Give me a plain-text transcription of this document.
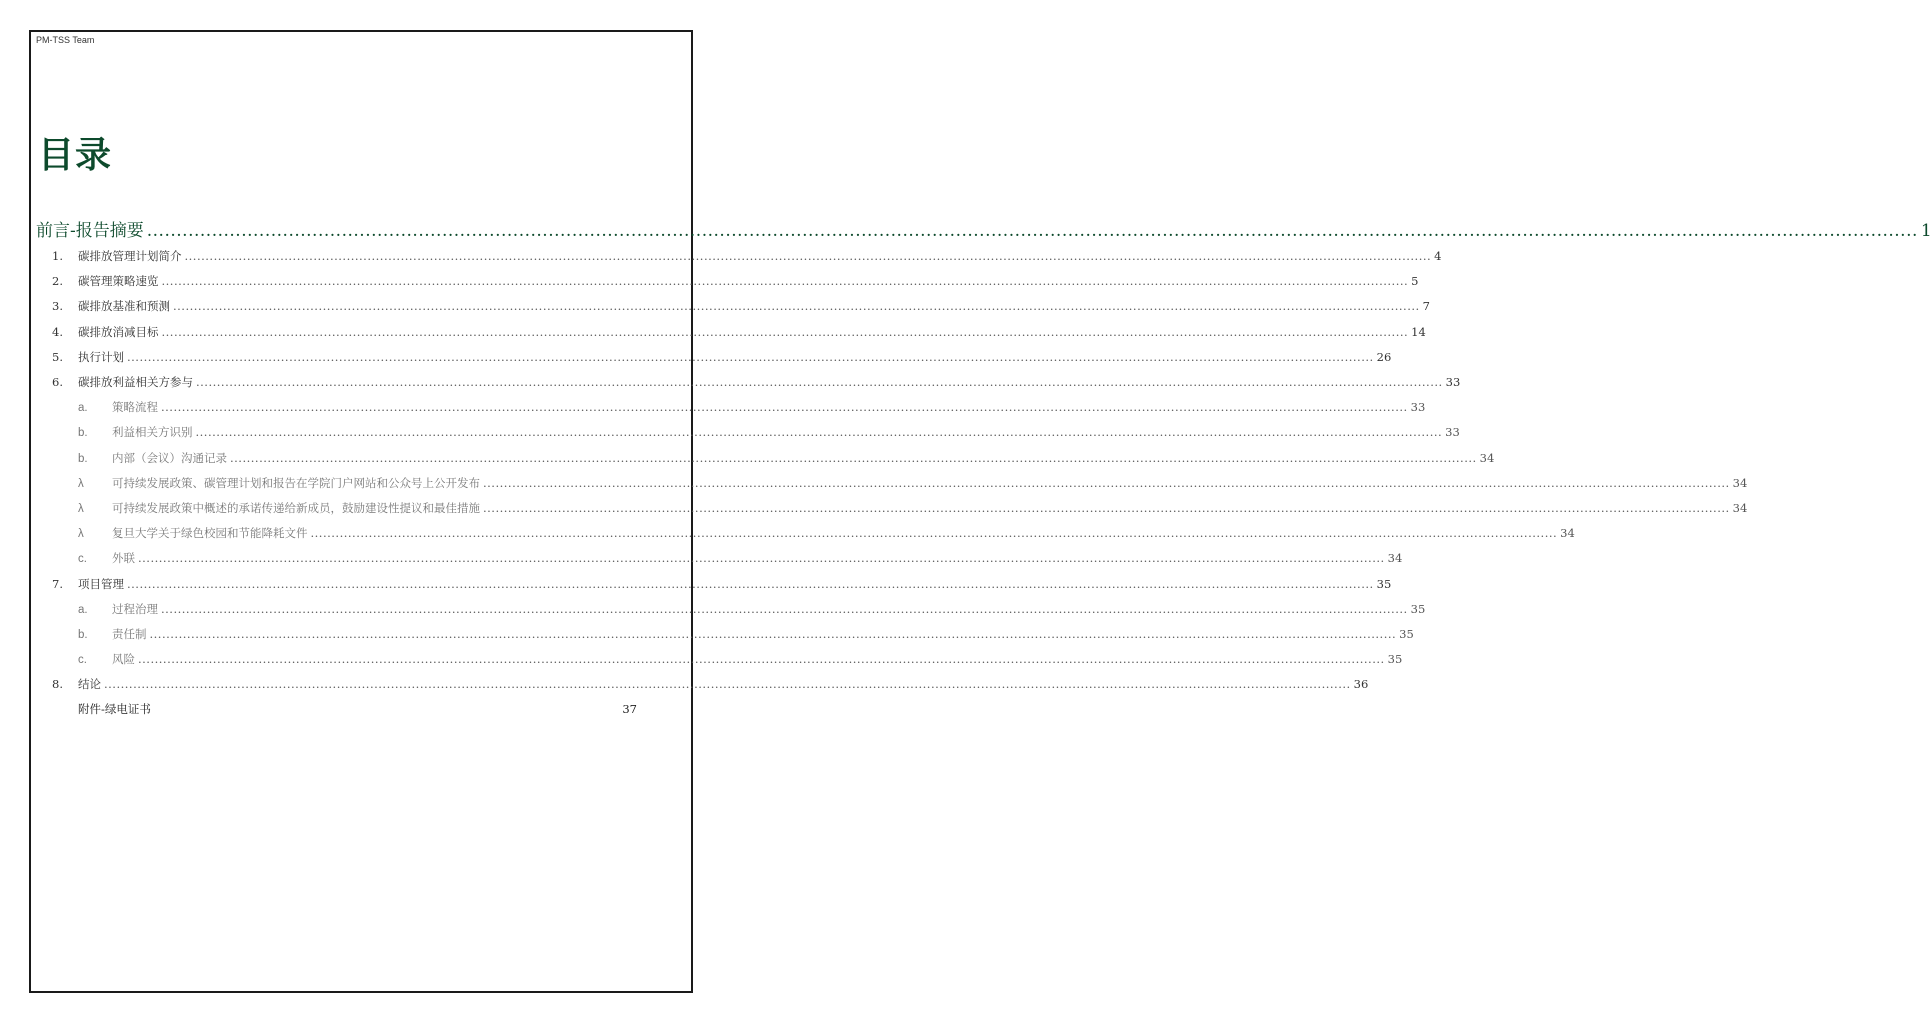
PM-TSS Team
目录
前言-报告摘要 ............................................................................................................................................................................................................................................................................................................ 1
1.	碳排放管理计划简介 ............................................................................................................................................................................................................................................................................................................ 4
2.	碳管理策略速览 ............................................................................................................................................................................................................................................................................................................ 5
3.	碳排放基准和预测 ............................................................................................................................................................................................................................................................................................................ 7
4.	碳排放消减目标 ............................................................................................................................................................................................................................................................................................................ 14
5.	执行计划 ............................................................................................................................................................................................................................................................................................................ 26
6.	碳排放利益相关方参与 ............................................................................................................................................................................................................................................................................................................ 33
a.	策略流程 ............................................................................................................................................................................................................................................................................................................ 33
b.	利益相关方识别 ............................................................................................................................................................................................................................................................................................................ 33
b.	内部（会议）沟通记录 ............................................................................................................................................................................................................................................................................................................ 34
λ	可持续发展政策、碳管理计划和报告在学院门户网站和公众号上公开发布 ............................................................................................................................................................................................................................................................................................................ 34
λ	可持续发展政策中概述的承诺传递给新成员，鼓励建设性提议和最佳措施 ............................................................................................................................................................................................................................................................................................................ 34
λ	复旦大学关于绿色校园和节能降耗文件 ............................................................................................................................................................................................................................................................................................................ 34
c.	外联 ............................................................................................................................................................................................................................................................................................................ 34
7.	项目管理 ............................................................................................................................................................................................................................................................................................................ 35
a.	过程治理 ............................................................................................................................................................................................................................................................................................................ 35
b.	责任制 ............................................................................................................................................................................................................................................................................................................ 35
c.	风险 ............................................................................................................................................................................................................................................................................................................ 35
8.	结论 ............................................................................................................................................................................................................................................................................................................ 36
附件-绿电证书	37
